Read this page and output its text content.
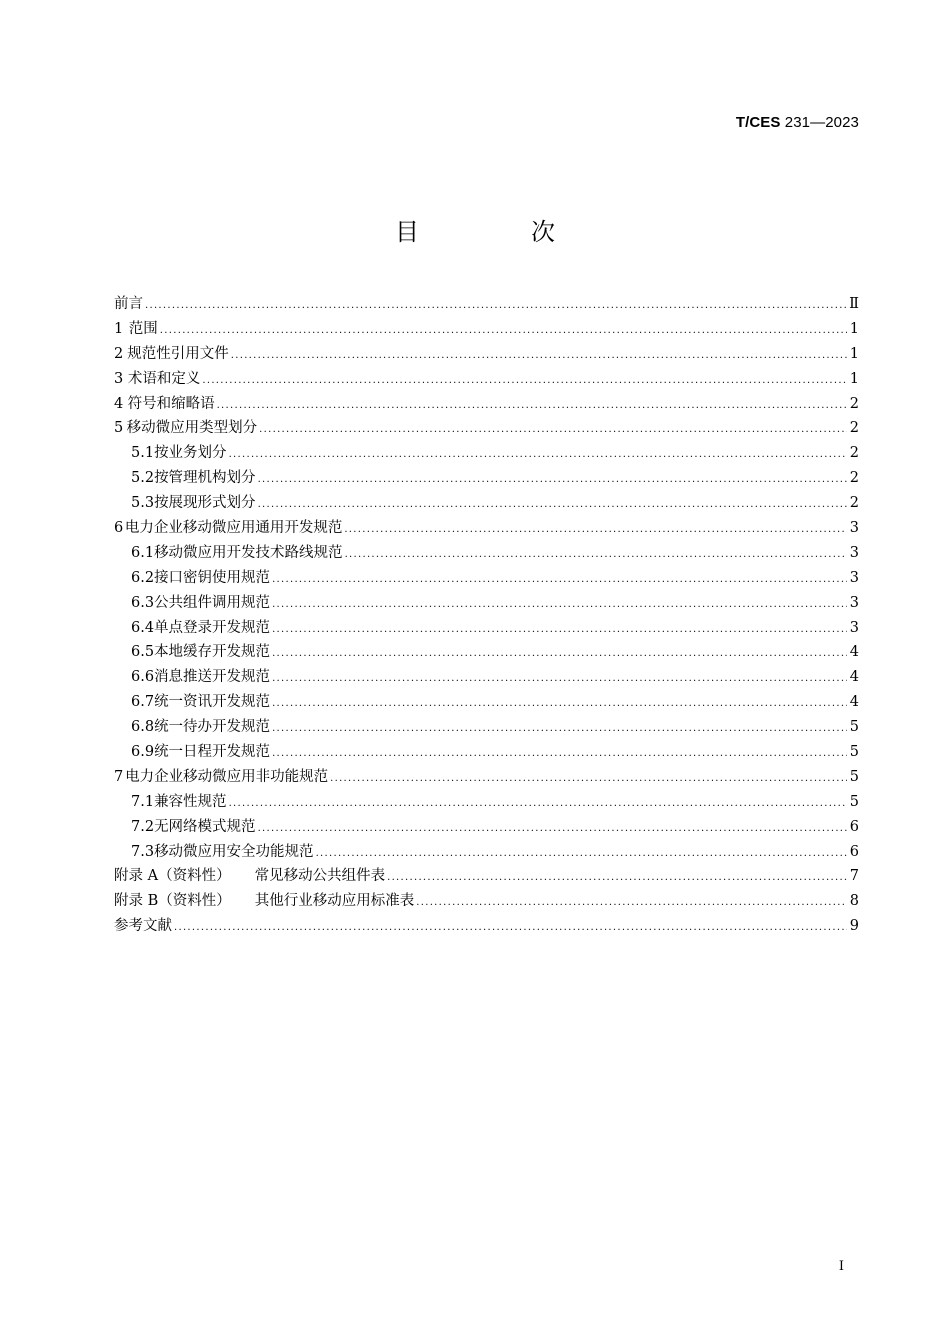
T/CES 231—2023
目　次
前言 .....	Ⅱ
1 范围 .....	1
2 规范性引用文件 .....	1
3 术语和定义 .....	1
4 符号和缩略语 .....	2
5 移动微应用类型划分 .....	2
5.1 按业务划分 .....	2
5.2 按管理机构划分 .....	2
5.3 按展现形式划分 .....	2
6 电力企业移动微应用通用开发规范 .....	3
6.1 移动微应用开发技术路线规范 .....	3
6.2 接口密钥使用规范 .....	3
6.3 公共组件调用规范 .....	3
6.4 单点登录开发规范 .....	3
6.5 本地缓存开发规范 .....	4
6.6 消息推送开发规范 .....	4
6.7 统一资讯开发规范 .....	4
6.8 统一待办开发规范 .....	5
6.9 统一日程开发规范 .....	5
7 电力企业移动微应用非功能规范 .....	5
7.1 兼容性规范 .....	5
7.2 无网络模式规范 .....	6
7.3 移动微应用安全功能规范 .....	6
附录 A（资料性） 常见移动公共组件表 .....	7
附录 B（资料性） 其他行业移动应用标准表 .....	8
参考文献 .....	9
I
